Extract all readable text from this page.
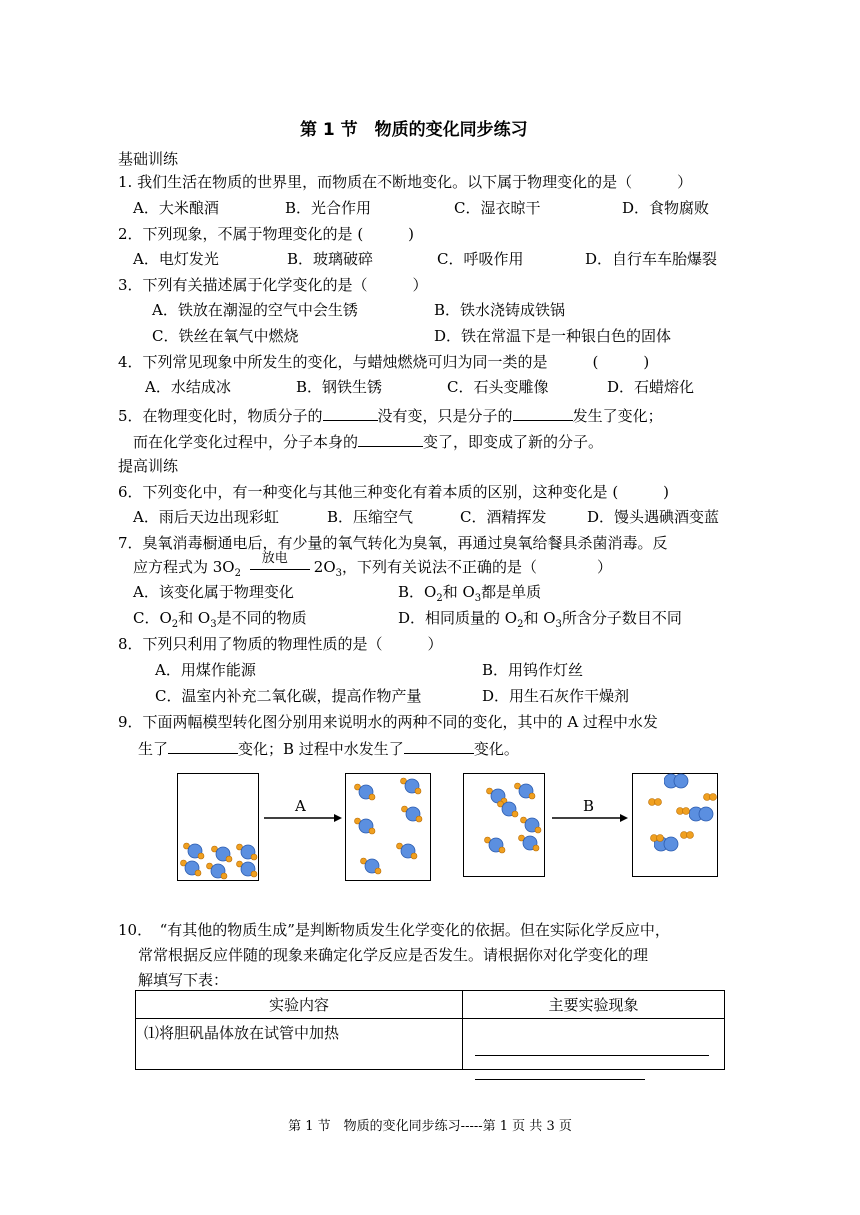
第 1 节　物质的变化同步练习
基础训练
1. 我们生活在物质的世界里，而物质在不断地变化。以下属于物理变化的是（　　　）
A．大米酿酒	B．光合作用	C．湿衣晾干	D．食物腐败
2．下列现象，不属于物理变化的是 (　　　)
A．电灯发光	B．玻璃破碎	C．呼吸作用	D．自行车车胎爆裂
3．下列有关描述属于化学变化的是（　　　）
A．铁放在潮湿的空气中会生锈	B．铁水浇铸成铁锅
C．铁丝在氧气中燃烧	D．铁在常温下是一种银白色的固体
4．下列常见现象中所发生的变化，与蜡烛燃烧可归为同一类的是　　　(　　　)
A．水结成冰	B．钢铁生锈	C．石头变雕像	D．石蜡熔化
5．在物理变化时，物质分子的	没有变，只是分子的	发生了变化；
而在化学变化过程中，分子本身的	变了，即变成了新的分子。
提高训练
6．下列变化中，有一种变化与其他三种变化有着本质的区别，这种变化是 (　　　)
A．雨后天边出现彩虹	B．压缩空气	C．酒精挥发	D．馒头遇碘酒变蓝
7．臭氧消毒橱通电后，有少量的氧气转化为臭氧，再通过臭氧给餐具杀菌消毒。反
应方程式为 $3O_2$
放电 $2O_3$，下列有关说法不正确的是（　　　　）
A．该变化属于物理变化	B．$O_2$和 $O_3$都是单质
C．$O_2$和 $O_3$是不同的物质	D．相同质量的 $O_2$和 $O_3$所含分子数目不同
8．下列只利用了物质的物理性质的是（　　　）
A．用煤作能源	B．用钨作灯丝
C．温室内补充二氧化碳，提高作物产量	D．用生石灰作干燥剂
9．下面两幅模型转化图分别用来说明水的两种不同的变化，其中的 A 过程中水发
生了	变化；B 过程中水发生了	变化。
A	B
10．　“有其他的物质生成”是判断物质发生化学变化的依据。但在实际化学反应中，
常常根据反应伴随的现象来确定化学反应是否发生。请根据你对化学变化的理
解填写下表：
实验内容	主要实验现象
⑴将胆矾晶体放在试管中加热	
第 1 节　物质的变化同步练习-----第 1 页 共 3 页
